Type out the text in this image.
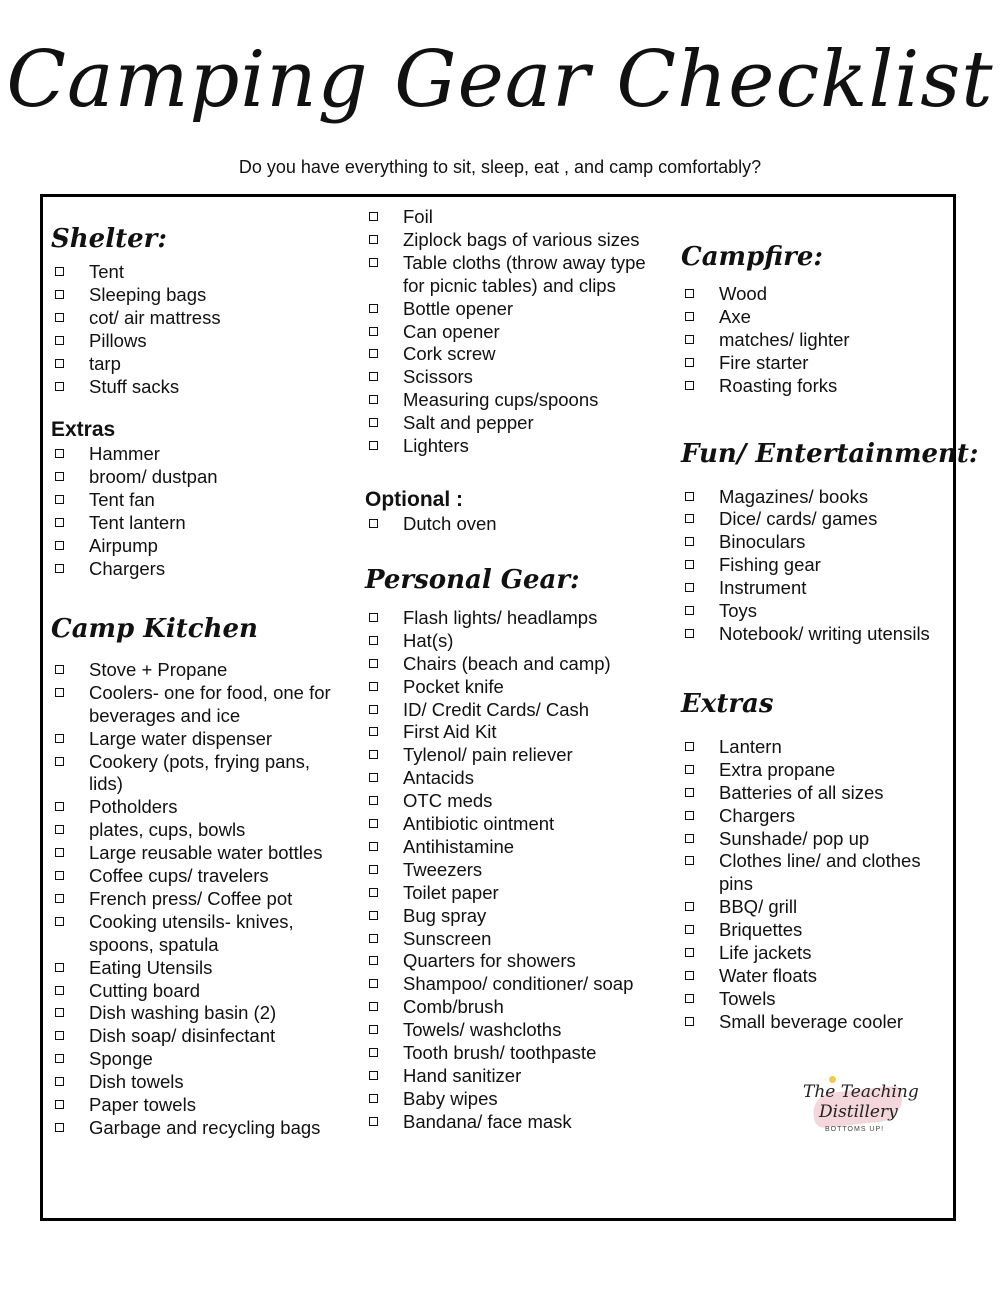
Camping Gear Checklist
Do you have everything to sit, sleep, eat , and camp comfortably?
Shelter:
Tent
Sleeping bags
cot/ air mattress
Pillows
tarp
Stuff sacks
Extras
Hammer
broom/ dustpan
Tent fan
Tent lantern
Airpump
Chargers
Camp Kitchen
Stove + Propane
Coolers- one for food, one for beverages and ice
Large water dispenser
Cookery (pots, frying pans, lids)
Potholders
plates, cups, bowls
Large reusable water bottles
Coffee cups/ travelers
French press/ Coffee pot
Cooking utensils- knives, spoons, spatula
Eating Utensils
Cutting board
Dish washing basin (2)
Dish soap/ disinfectant
Sponge
Dish towels
Paper towels
Garbage and recycling bags
Foil
Ziplock bags of various sizes
Table cloths (throw away type for picnic tables) and clips
Bottle opener
Can opener
Cork screw
Scissors
Measuring cups/spoons
Salt and pepper
Lighters
Optional :
Dutch oven
Personal Gear:
Flash lights/ headlamps
Hat(s)
Chairs (beach and camp)
Pocket knife
ID/ Credit Cards/ Cash
First Aid Kit
Tylenol/ pain reliever
Antacids
OTC meds
Antibiotic ointment
Antihistamine
Tweezers
Toilet paper
Bug spray
Sunscreen
Quarters for showers
Shampoo/ conditioner/ soap
Comb/brush
Towels/ washcloths
Tooth brush/ toothpaste
Hand sanitizer
Baby wipes
Bandana/ face mask
Campfire:
Wood
Axe
matches/ lighter
Fire starter
Roasting forks
Fun/ Entertainment:
Magazines/ books
Dice/ cards/ games
Binoculars
Fishing gear
Instrument
Toys
Notebook/ writing utensils
Extras
Lantern
Extra propane
Batteries of all sizes
Chargers
Sunshade/ pop up
Clothes line/ and clothes pins
BBQ/ grill
Briquettes
Life jackets
Water floats
Towels
Small beverage cooler
The Teaching
Distillery
BOTTOMS UP!
